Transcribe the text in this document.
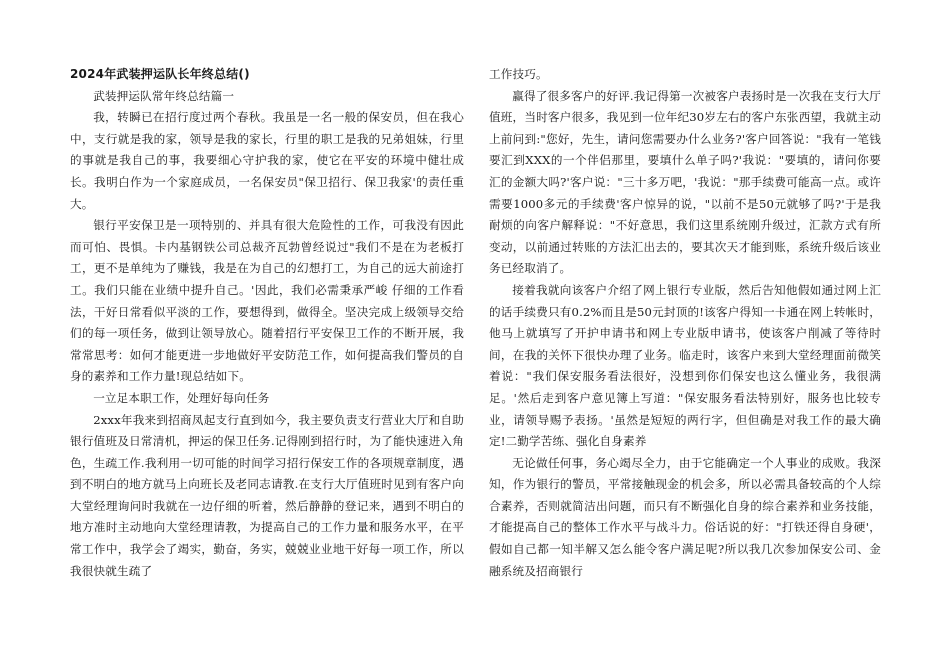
2024年武装押运队长年终总结()

武装押运队常年终总结篇一

我，转瞬已在招行度过两个春秋。我虽是一名一般的保安员，但在我心中，支行就是我的家，领导是我的家长，行里的职工是我的兄弟姐妹，行里的事就是我自己的事，我要细心守护我的家，使它在平安的环境中健壮成长。我明白作为一个家庭成员，一名保安员"保卫招行、保卫我家'的责任重大。

银行平安保卫是一项特别的、并具有很大危险性的工作，可我没有因此而可怕、畏惧。卡内基钢铁公司总裁齐瓦勃曾经说过"我们不是在为老板打工，更不是单纯为了赚钱，我是在为自己的幻想打工，为自己的远大前途打工。我们只能在业绩中提升自己。'因此，我们必需秉承严峻 仔细的工作看法，干好日常看似平淡的工作，要想得到，做得全。坚决完成上级领导交给们的每一项任务，做到让领导放心。随着招行平安保卫工作的不断开展，我常常思考：如何才能更进一步地做好平安防范工作，如何提高我们警员的自身的素养和工作力量!现总结如下。

一立足本职工作，处理好每向任务

2xxx年我来到招商凤起支行直到如今，我主要负责支行营业大厅和自助银行值班及日常清机，押运的保卫任务.记得刚到招行时，为了能快速进入角色，生疏工作.我利用一切可能的时间学习招行保安工作的各项规章制度，遇到不明白的地方就马上向班长及老同志请教.在支行大厅值班时见到有客户向大堂经理询问时我就在一边仔细的听着，然后静静的登记来，遇到不明白的地方准时主动地向大堂经理请教，为提高自己的工作力量和服务水平，在平常工作中，我学会了竭实，勤奋，务实，兢兢业业地干好每一项工作，所以我很快就生疏了

工作技巧。

赢得了很多客户的好评.我记得第一次被客户表扬时是一次我在支行大厅值班，当时客户很多，我见到一位年纪30岁左右的客户东张西望，我就主动上前问到:"您好，先生，请问您需要办什么业务?'客户回答说："我有一笔钱要汇到XXX的一个伴侣那里，要填什么单子吗?'我说："要填的，请问你要汇的金额大吗?'客户说："三十多万吧，'我说："那手续费可能高一点。或许需要1000多元的手续费'客户惊异的说，"以前不是50元就够了吗?'于是我耐烦的向客户解释说："不好意思，我们这里系统刚升级过，汇款方式有所变动，以前通过转账的方法汇出去的，要其次天才能到账，系统升级后该业务已经取消了。

接着我就向该客户介绍了网上银行专业版，然后告知他假如通过网上汇的话手续费只有0.2%而且是50元封顶的!该客户得知一卡通在网上转帐时，他马上就填写了开护申请书和网上专业版申请书，使该客户削减了等待时间，在我的关怀下很快办理了业务。临走时，该客户来到大堂经理面前微笑着说："我们保安服务看法很好，没想到你们保安也这么懂业务，我很满足。'然后走到客户意见簿上写道："保安服务看法特别好，服务也比较专业，请领导赐予表扬。'虽然是短短的两行字，但但确是对我工作的最大确定!二勤学苦练、强化自身素养

无论做任何事，务心竭尽全力，由于它能确定一个人事业的成败。我深知，作为银行的警员，平常接触现金的机会多，所以必需具备较高的个人综合素养，否则就简洁出问题，而只有不断强化自身的综合素养和业务技能，才能提高自己的整体工作水平与战斗力。俗话说的好："打铁还得自身硬'，假如自己都一知半解又怎么能令客户满足呢?所以我几次参加保安公司、金融系统及招商银行
